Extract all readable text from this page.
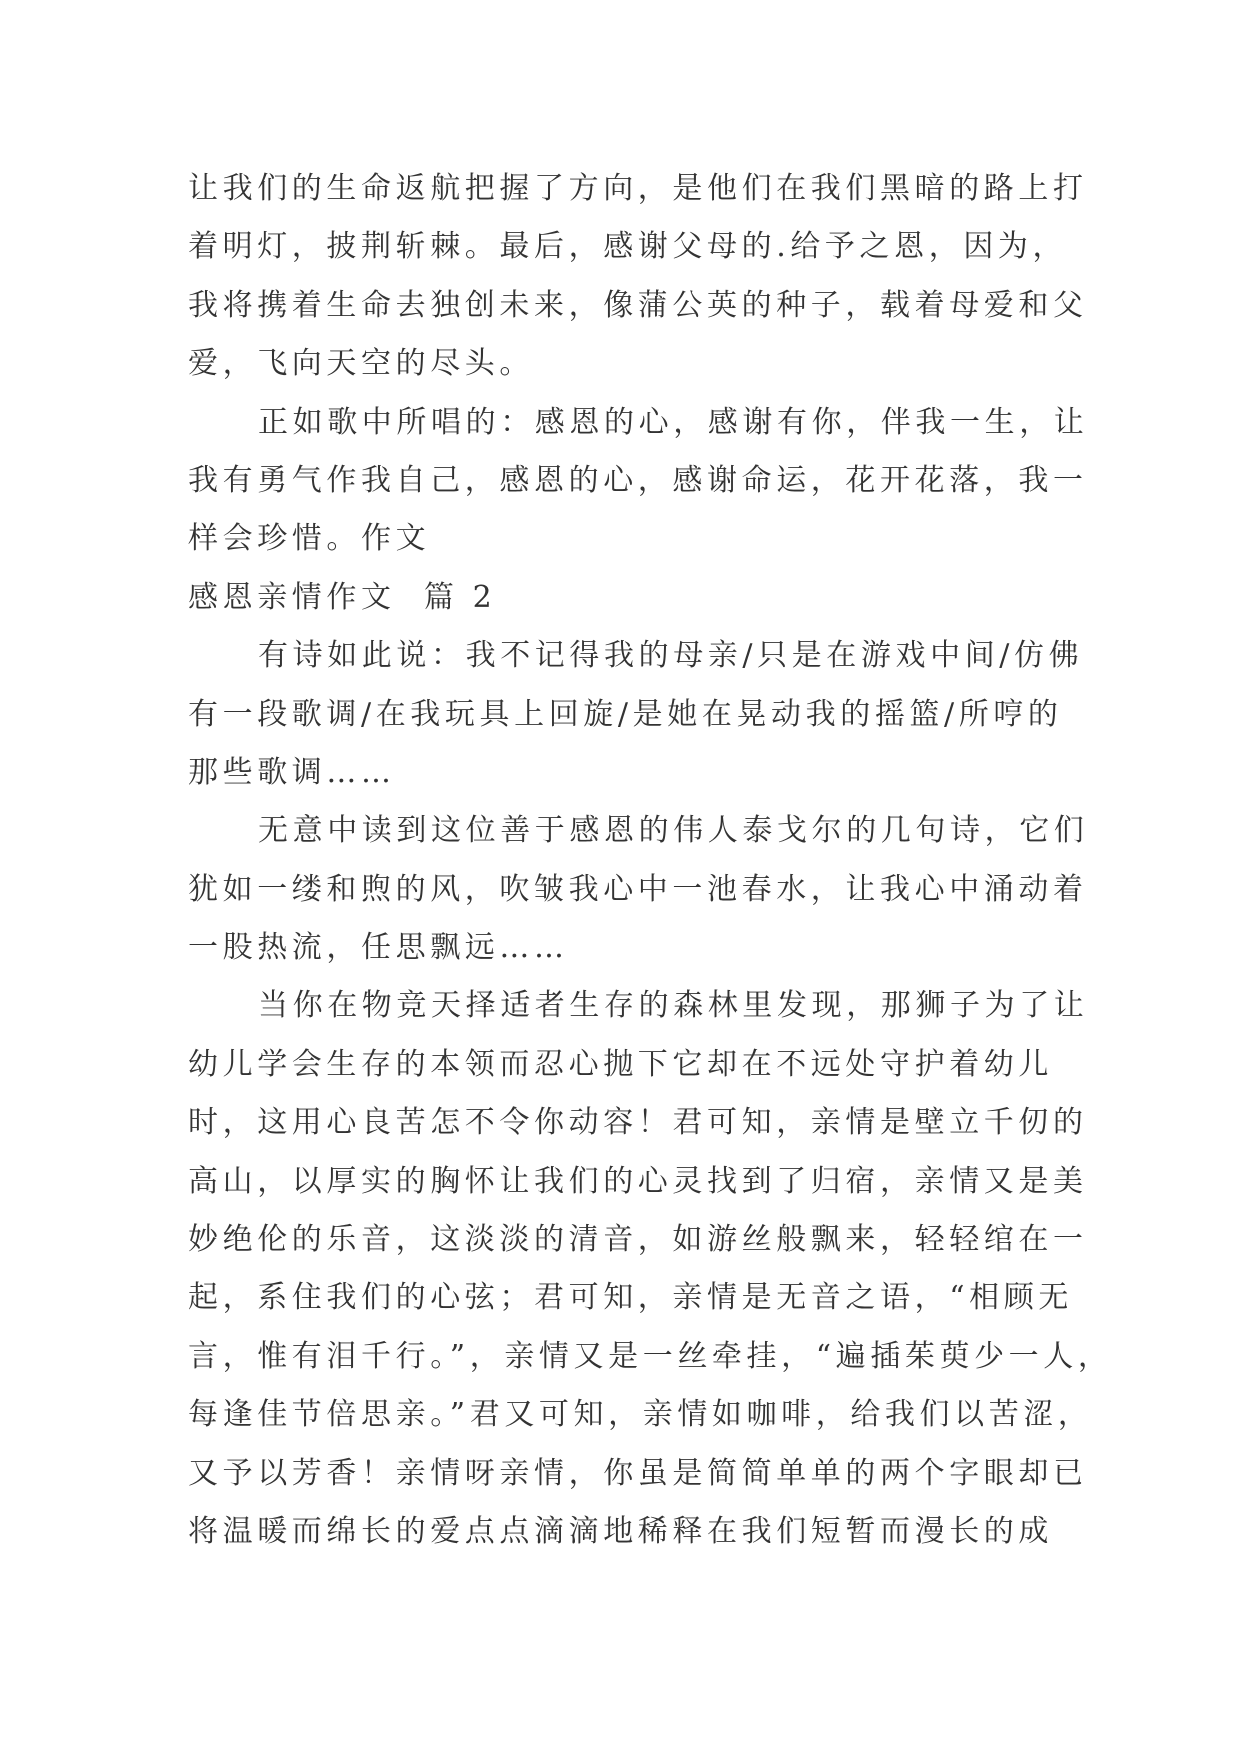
让我们的生命返航把握了方向，是他们在我们黑暗的路上打
着明灯，披荆斩棘。最后，感谢父母的.给予之恩，因为，
我将携着生命去独创未来，像蒲公英的种子，载着母爱和父
爱，飞向天空的尽头。
正如歌中所唱的：感恩的心，感谢有你，伴我一生，让
我有勇气作我自己，感恩的心，感谢命运，花开花落，我一
样会珍惜。作文
感恩亲情作文  篇 2
有诗如此说：我不记得我的母亲/只是在游戏中间/仿佛
有一段歌调/在我玩具上回旋/是她在晃动我的摇篮/所哼的
那些歌调……
无意中读到这位善于感恩的伟人泰戈尔的几句诗，它们
犹如一缕和煦的风，吹皱我心中一池春水，让我心中涌动着
一股热流，任思飘远……
当你在物竞天择适者生存的森林里发现，那狮子为了让
幼儿学会生存的本领而忍心抛下它却在不远处守护着幼儿
时，这用心良苦怎不令你动容！君可知，亲情是壁立千仞的
高山，以厚实的胸怀让我们的心灵找到了归宿，亲情又是美
妙绝伦的乐音，这淡淡的清音，如游丝般飘来，轻轻绾在一
起，系住我们的心弦；君可知，亲情是无音之语，“相顾无
言，惟有泪千行。”，亲情又是一丝牵挂，“遍插茱萸少一人，
每逢佳节倍思亲。”君又可知，亲情如咖啡，给我们以苦涩，
又予以芳香！亲情呀亲情，你虽是简简单单的两个字眼却已
将温暖而绵长的爱点点滴滴地稀释在我们短暂而漫长的成
